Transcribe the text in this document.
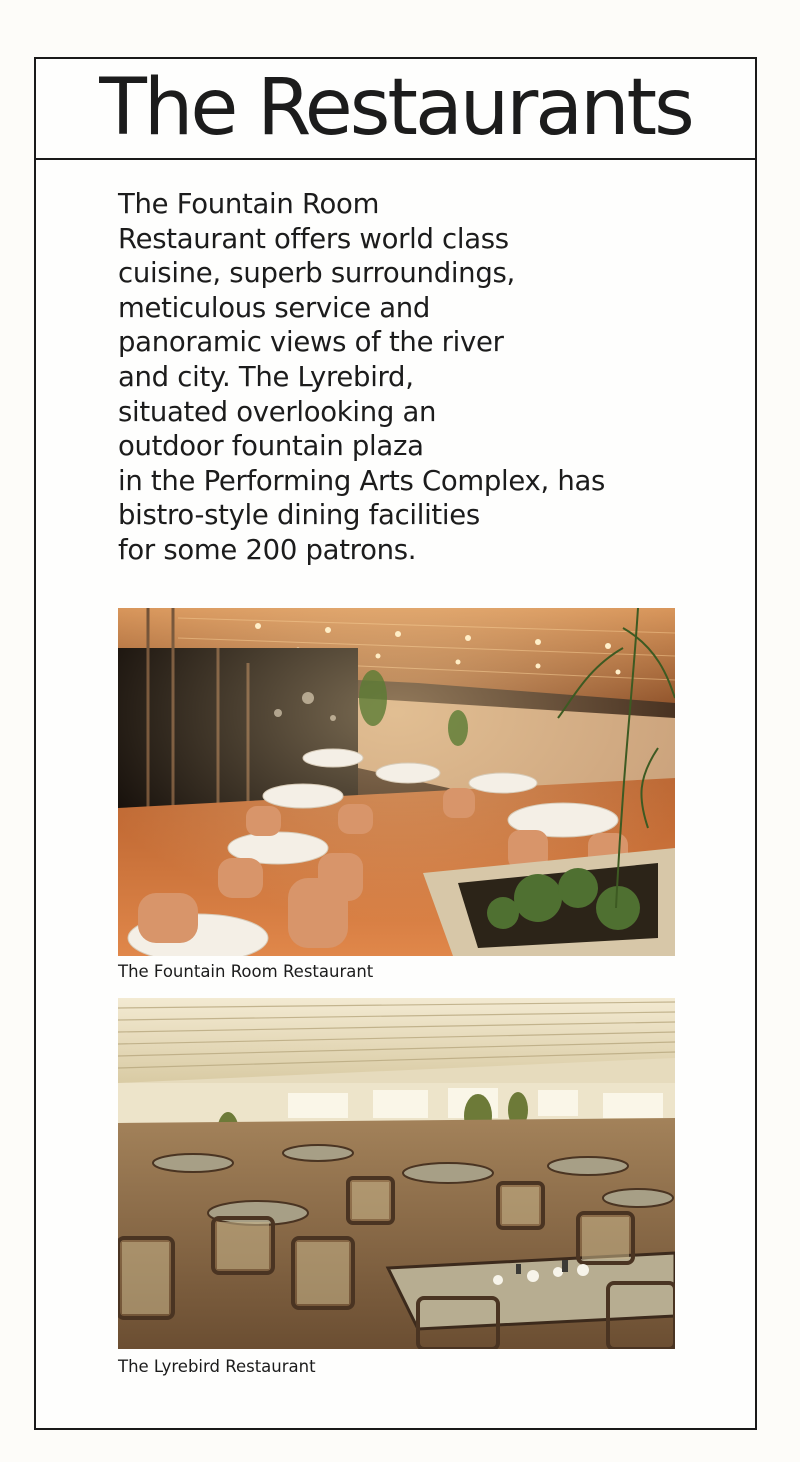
The Restaurants

The Fountain Room
Restaurant offers world class
cuisine, superb surroundings,
meticulous service and
panoramic views of the river
and city. The Lyrebird,
situated overlooking an
outdoor fountain plaza
in the Performing Arts Complex, has
bistro-style dining facilities
for some 200 patrons.

The Fountain Room Restaurant

The Lyrebird Restaurant
